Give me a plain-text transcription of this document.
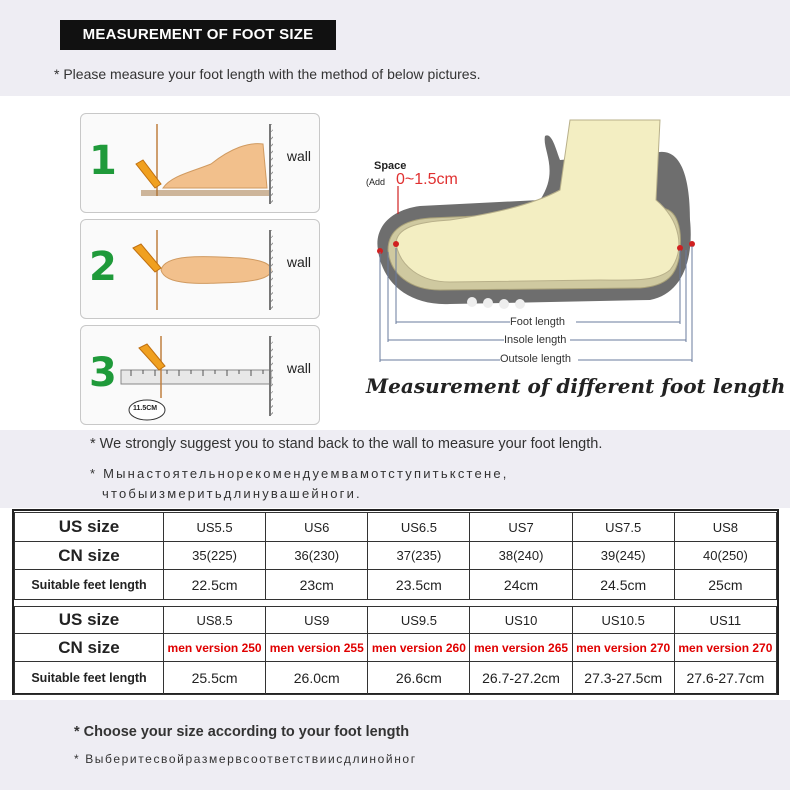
MEASUREMENT OF FOOT SIZE
* Please measure your foot length with the method of below pictures.
1	wall
2	wall
3
11.5CM
wall
Space
(Add 0~1.5cm
Foot length
Insole length
Outsole length
Measurement of different foot length
* We strongly suggest you to stand back to the wall to measure your foot length.
* Мынастоятельнорекомендуемвамотступитькстене,
чтобыизмеритьдлинувашейноги.
US size	US5.5	US6	US6.5	US7	US7.5	US8
CN size	35(225)	36(230)	37(235)	38(240)	39(245)	40(250)
Suitable feet length	22.5cm	23cm	23.5cm	24cm	24.5cm	25cm
US size	US8.5	US9	US9.5	US10	US10.5	US11
CN size	men version 250	men version 255	men version 260	men version 265	men version 270	men version 270
Suitable feet length	25.5cm	26.0cm	26.6cm	26.7-27.2cm	27.3-27.5cm	27.6-27.7cm
* Choose your size according to your foot length
* Выберитесвойразмервсоответствиисдлинойног
